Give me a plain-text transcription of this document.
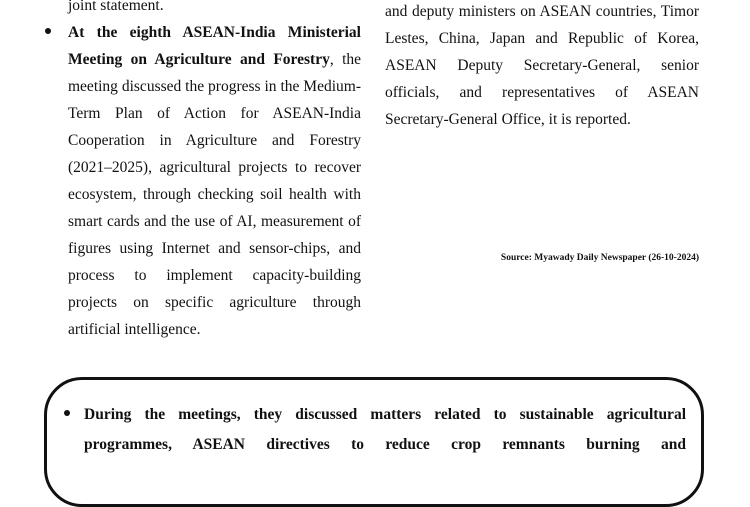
joint statement.

At the eighth ASEAN-India Ministerial Meeting on Agriculture and Forestry, the meeting discussed the progress in the Medium-Term Plan of Action for ASEAN-India Cooperation in Agriculture and Forestry (2021–2025), agricultural projects to recover ecosystem, through checking soil health with smart cards and the use of AI, measurement of figures using Internet and sensor-chips, and process to implement capacity-building projects on specific agriculture through artificial intelligence.

and deputy ministers on ASEAN countries, Timor Lestes, China, Japan and Republic of Korea, ASEAN Deputy Secretary-General, senior officials, and representatives of ASEAN Secretary-General Office, it is reported.

Source: Myawady Daily Newspaper (26-10-2024)
During the meetings, they discussed matters related to sustainable agricultural programmes, ASEAN directives to reduce crop remnants burning and
